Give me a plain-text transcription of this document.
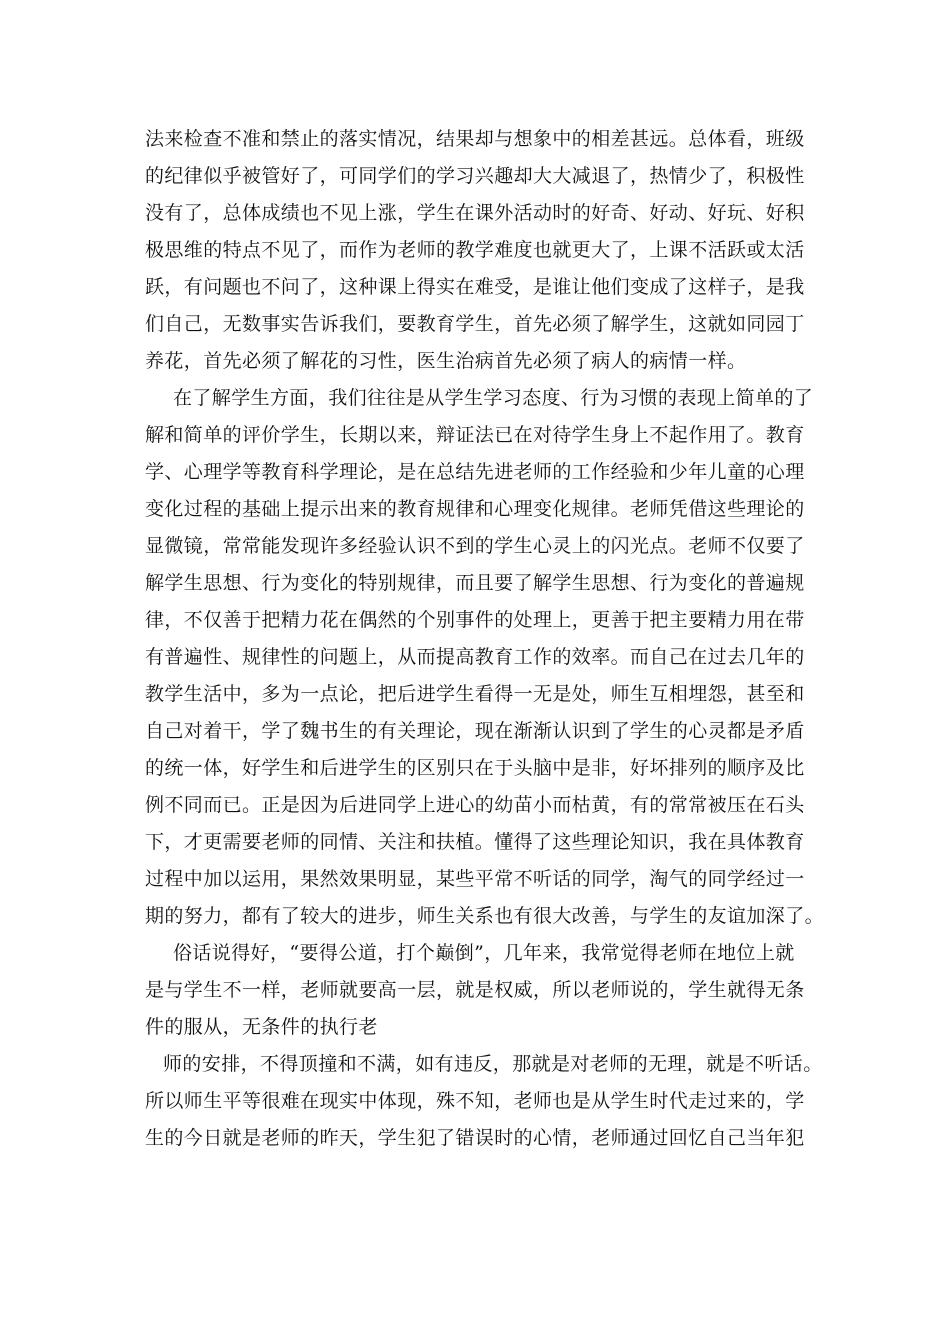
法来检查不准和禁止的落实情况，结果却与想象中的相差甚远。总体看，班级
的纪律似乎被管好了，可同学们的学习兴趣却大大减退了，热情少了，积极性
没有了，总体成绩也不见上涨，学生在课外活动时的好奇、好动、好玩、好积
极思维的特点不见了，而作为老师的教学难度也就更大了，上课不活跃或太活
跃，有问题也不问了，这种课上得实在难受，是谁让他们变成了这样子，是我
们自己，无数事实告诉我们，要教育学生，首先必须了解学生，这就如同园丁
养花，首先必须了解花的习性，医生治病首先必须了病人的病情一样。
在了解学生方面，我们往往是从学生学习态度、行为习惯的表现上简单的了
解和简单的评价学生，长期以来，辩证法已在对待学生身上不起作用了。教育
学、心理学等教育科学理论，是在总结先进老师的工作经验和少年儿童的心理
变化过程的基础上提示出来的教育规律和心理变化规律。老师凭借这些理论的
显微镜，常常能发现许多经验认识不到的学生心灵上的闪光点。老师不仅要了
解学生思想、行为变化的特别规律，而且要了解学生思想、行为变化的普遍规
律，不仅善于把精力花在偶然的个别事件的处理上，更善于把主要精力用在带
有普遍性、规律性的问题上，从而提高教育工作的效率。而自己在过去几年的
教学生活中，多为一点论，把后进学生看得一无是处，师生互相埋怨，甚至和
自己对着干，学了魏书生的有关理论，现在渐渐认识到了学生的心灵都是矛盾
的统一体，好学生和后进学生的区别只在于头脑中是非，好坏排列的顺序及比
例不同而已。正是因为后进同学上进心的幼苗小而枯黄，有的常常被压在石头
下，才更需要老师的同情、关注和扶植。懂得了这些理论知识，我在具体教育
过程中加以运用，果然效果明显，某些平常不听话的同学，淘气的同学经过一
期的努力，都有了较大的进步，师生关系也有很大改善，与学生的友谊加深了。
俗话说得好，“要得公道，打个巅倒”，几年来，我常觉得老师在地位上就
是与学生不一样，老师就要高一层，就是权威，所以老师说的，学生就得无条
件的服从，无条件的执行老
师的安排，不得顶撞和不满，如有违反，那就是对老师的无理，就是不听话。
所以师生平等很难在现实中体现，殊不知，老师也是从学生时代走过来的，学
生的今日就是老师的昨天，学生犯了错误时的心情，老师通过回忆自己当年犯
